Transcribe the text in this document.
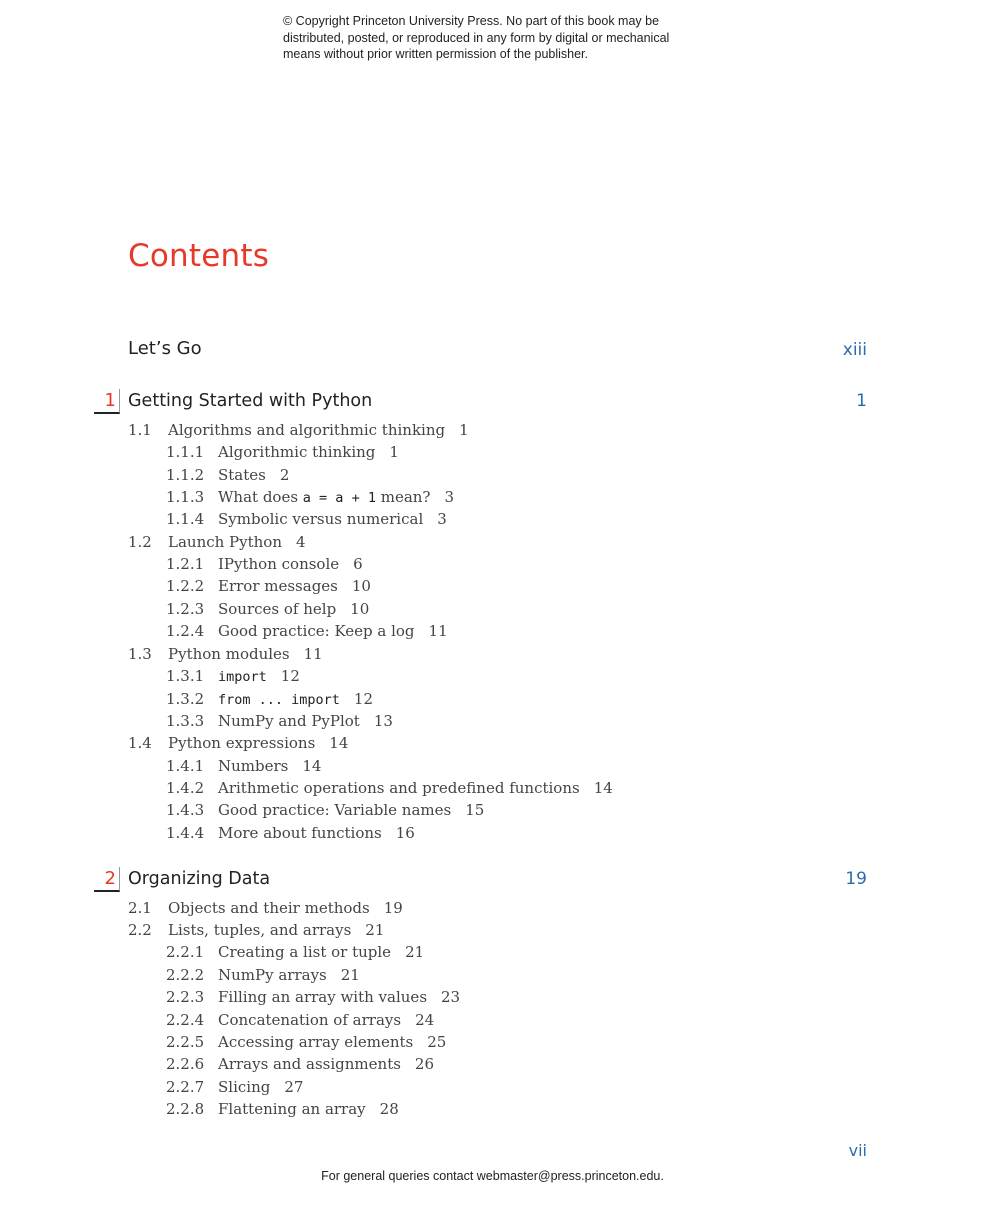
© Copyright Princeton University Press. No part of this book may be
distributed, posted, or reproduced in any form by digital or mechanical
means without prior written permission of the publisher.
Contents
Let’s Go	xiii
1 Getting Started with Python	1
1.1 Algorithms and algorithmic thinking 1
1.1.1 Algorithmic thinking 1
1.1.2 States 2
1.1.3 What does a = a + 1 mean? 3
1.1.4 Symbolic versus numerical 3
1.2 Launch Python 4
1.2.1 IPython console 6
1.2.2 Error messages 10
1.2.3 Sources of help 10
1.2.4 Good practice: Keep a log 11
1.3 Python modules 11
1.3.1 import 12
1.3.2 from ... import 12
1.3.3 NumPy and PyPlot 13
1.4 Python expressions 14
1.4.1 Numbers 14
1.4.2 Arithmetic operations and predefined functions 14
1.4.3 Good practice: Variable names 15
1.4.4 More about functions 16
2 Organizing Data	19
2.1 Objects and their methods 19
2.2 Lists, tuples, and arrays 21
2.2.1 Creating a list or tuple 21
2.2.2 NumPy arrays 21
2.2.3 Filling an array with values 23
2.2.4 Concatenation of arrays 24
2.2.5 Accessing array elements 25
2.2.6 Arrays and assignments 26
2.2.7 Slicing 27
2.2.8 Flattening an array 28
vii
For general queries contact webmaster@press.princeton.edu.
